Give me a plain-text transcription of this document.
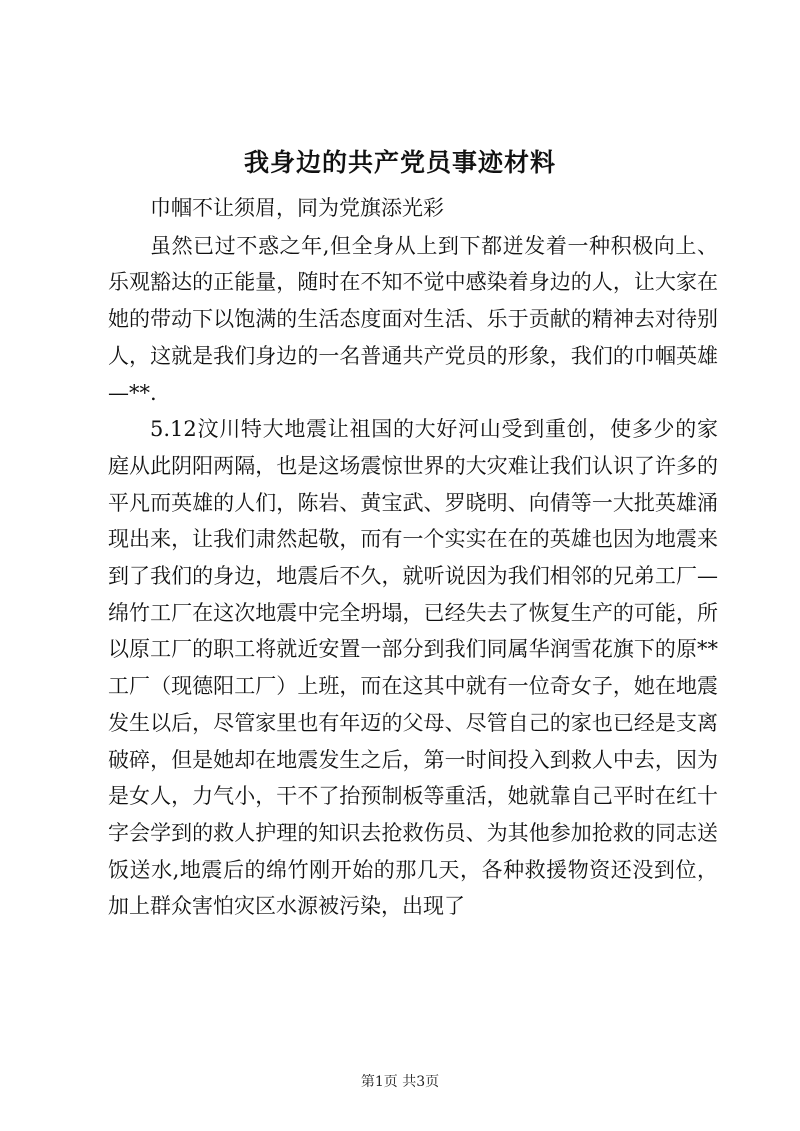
我身边的共产党员事迹材料

巾帼不让须眉，同为党旗添光彩

虽然已过不惑之年,但全身从上到下都迸发着一种积极向上、乐观豁达的正能量，随时在不知不觉中感染着身边的人，让大家在她的带动下以饱满的生活态度面对生活、乐于贡献的精神去对待别人，这就是我们身边的一名普通共产党员的形象，我们的巾帼英雄—**.

5.12汶川特大地震让祖国的大好河山受到重创，使多少的家庭从此阴阳两隔，也是这场震惊世界的大灾难让我们认识了许多的平凡而英雄的人们，陈岩、黄宝武、罗晓明、向倩等一大批英雄涌现出来，让我们肃然起敬，而有一个实实在在的英雄也因为地震来到了我们的身边，地震后不久，就听说因为我们相邻的兄弟工厂—绵竹工厂在这次地震中完全坍塌，已经失去了恢复生产的可能，所以原工厂的职工将就近安置一部分到我们同属华润雪花旗下的原**工厂（现德阳工厂）上班，而在这其中就有一位奇女子，她在地震发生以后，尽管家里也有年迈的父母、尽管自己的家也已经是支离破碎，但是她却在地震发生之后，第一时间投入到救人中去，因为是女人，力气小，干不了抬预制板等重活，她就靠自己平时在红十字会学到的救人护理的知识去抢救伤员、为其他参加抢救的同志送饭送水,地震后的绵竹刚开始的那几天，各种救援物资还没到位，加上群众害怕灾区水源被污染，出现了

第1页 共3页
